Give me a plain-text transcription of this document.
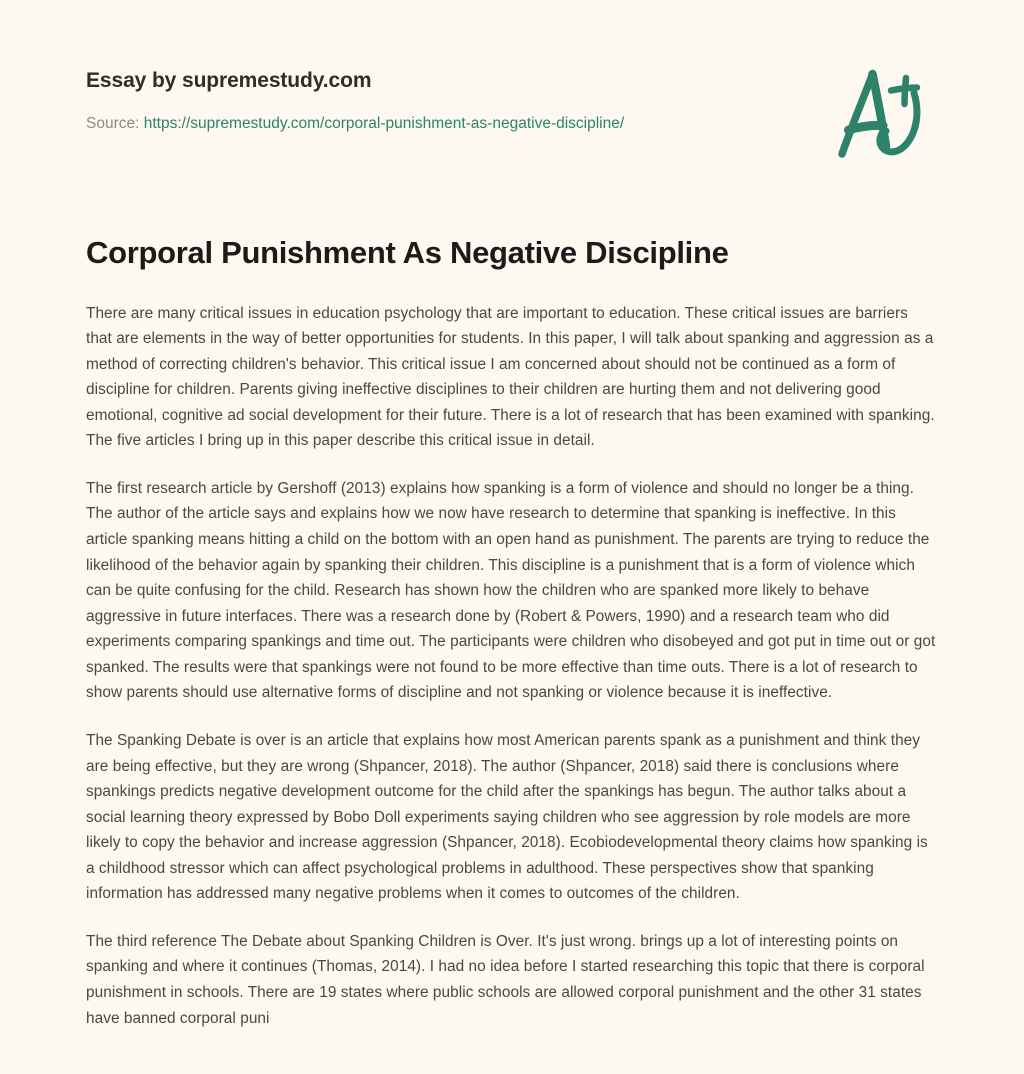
Essay by supremestudy.com

Source: https://supremestudy.com/corporal-punishment-as-negative-discipline/
Corporal Punishment As Negative Discipline

There are many critical issues in education psychology that are important to education. These critical issues are barriers that are elements in the way of better opportunities for students. In this paper, I will talk about spanking and aggression as a method of correcting children's behavior. This critical issue I am concerned about should not be continued as a form of discipline for children. Parents giving ineffective disciplines to their children are hurting them and not delivering good emotional, cognitive ad social development for their future. There is a lot of research that has been examined with spanking. The five articles I bring up in this paper describe this critical issue in detail.

The first research article by Gershoff (2013) explains how spanking is a form of violence and should no longer be a thing. The author of the article says and explains how we now have research to determine that spanking is ineffective. In this article spanking means hitting a child on the bottom with an open hand as punishment. The parents are trying to reduce the likelihood of the behavior again by spanking their children. This discipline is a punishment that is a form of violence which can be quite confusing for the child. Research has shown how the children who are spanked more likely to behave aggressive in future interfaces. There was a research done by (Robert & Powers, 1990) and a research team who did experiments comparing spankings and time out. The participants were children who disobeyed and got put in time out or got spanked. The results were that spankings were not found to be more effective than time outs. There is a lot of research to show parents should use alternative forms of discipline and not spanking or violence because it is ineffective.

The Spanking Debate is over is an article that explains how most American parents spank as a punishment and think they are being effective, but they are wrong (Shpancer, 2018). The author (Shpancer, 2018) said there is conclusions where spankings predicts negative development outcome for the child after the spankings has begun. The author talks about a social learning theory expressed by Bobo Doll experiments saying children who see aggression by role models are more likely to copy the behavior and increase aggression (Shpancer, 2018). Ecobiodevelopmental theory claims how spanking is a childhood stressor which can affect psychological problems in adulthood. These perspectives show that spanking information has addressed many negative problems when it comes to outcomes of the children.

The third reference The Debate about Spanking Children is Over. It's just wrong. brings up a lot of interesting points on spanking and where it continues (Thomas, 2014). I had no idea before I started researching this topic that there is corporal punishment in schools. There are 19 states where public schools are allowed corporal punishment and the other 31 states have banned corporal puni
